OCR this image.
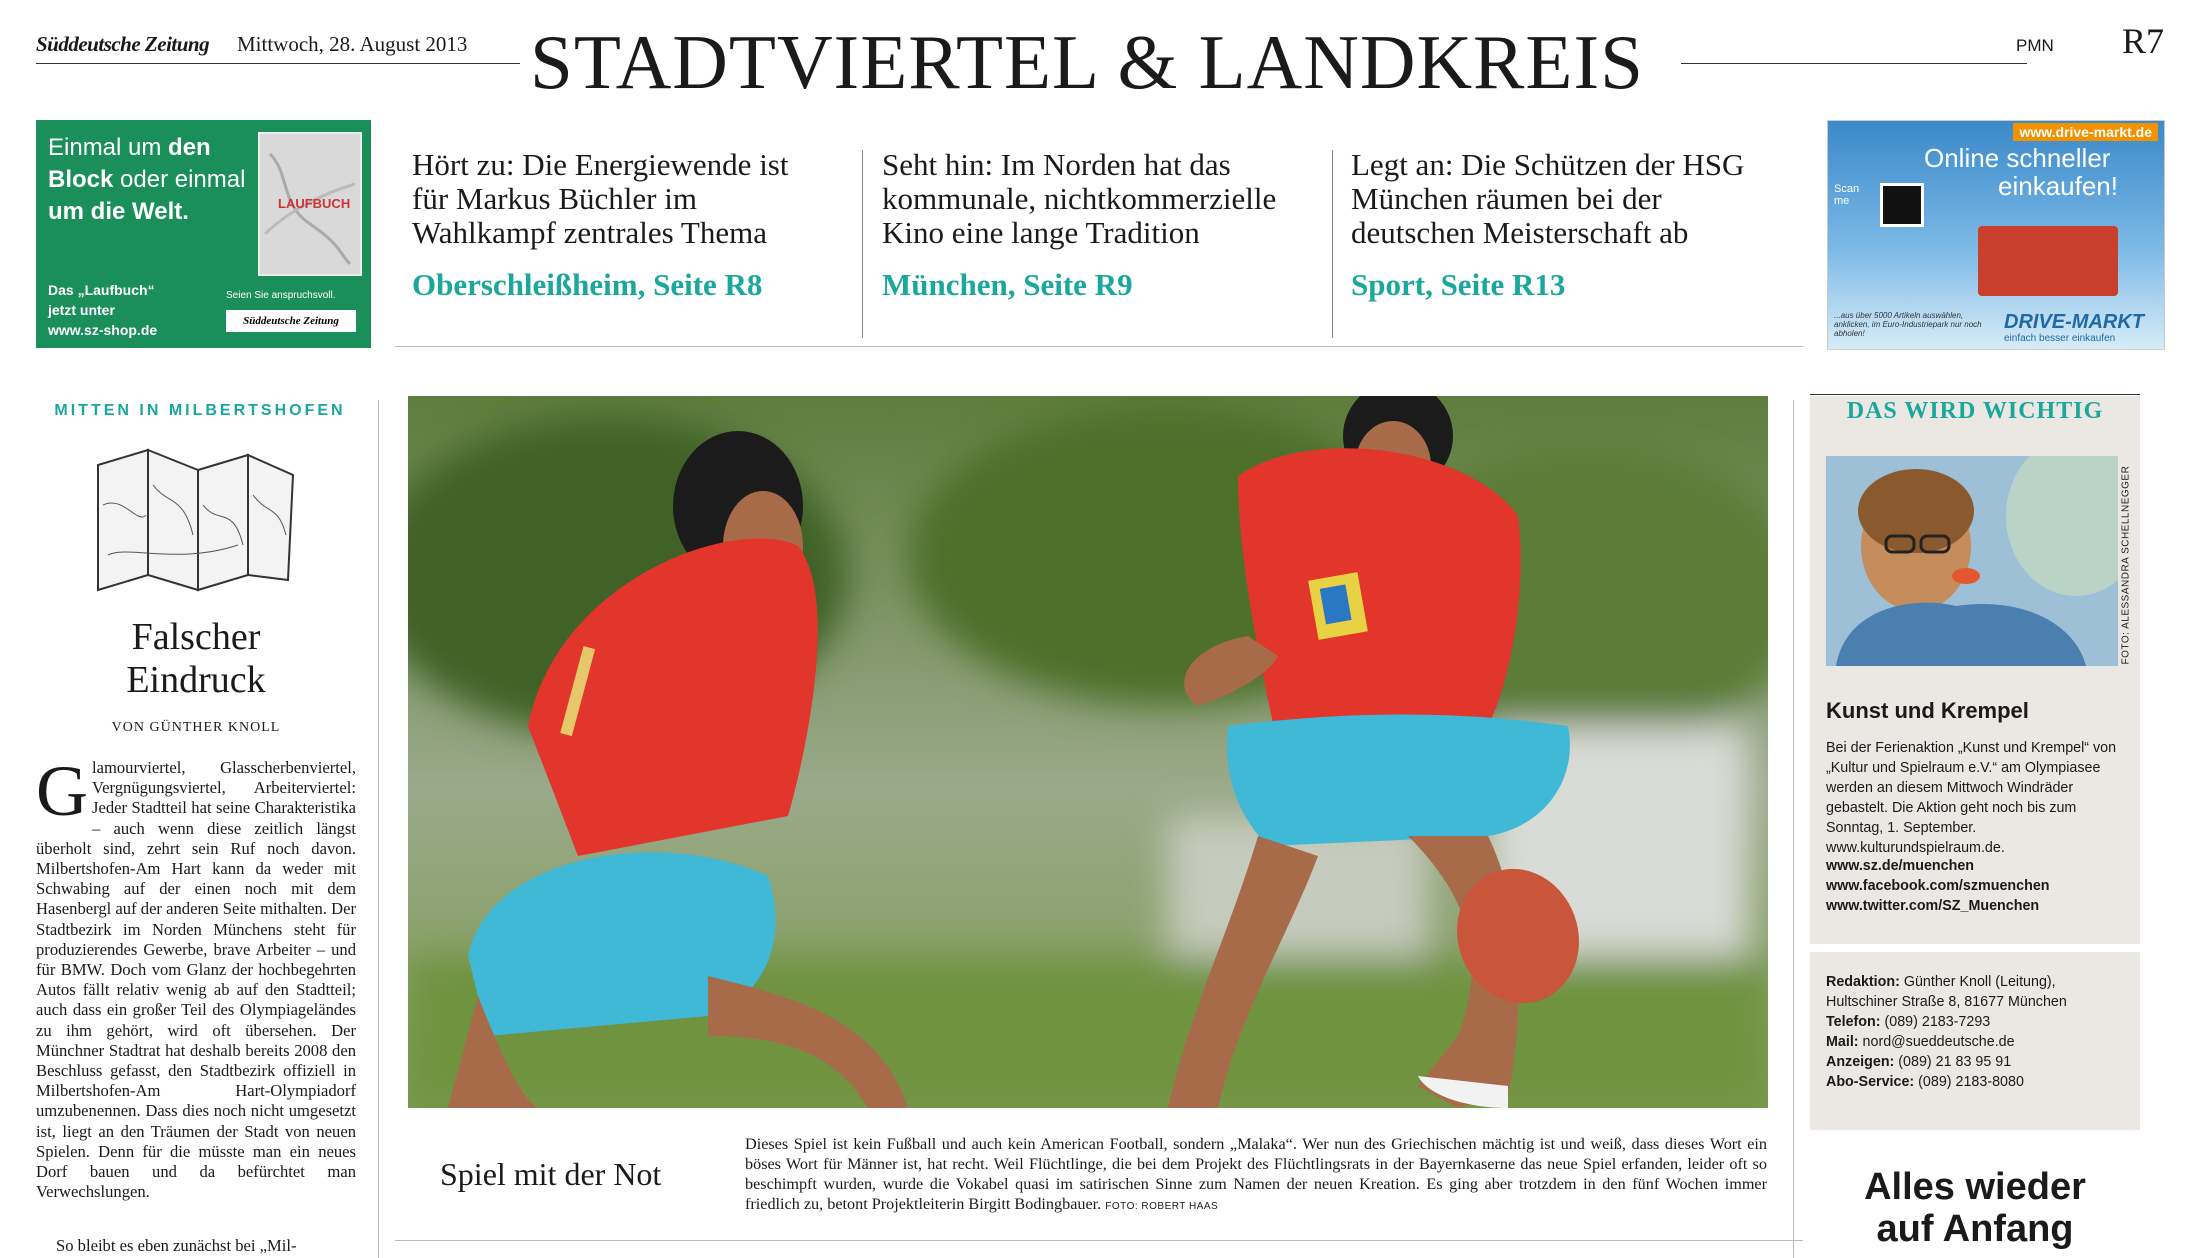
Süddeutsche Zeitung Mittwoch, 28. August 2013 STADTVIERTEL & LANDKREIS	PMN R7
Einmal um den Block oder einmal um die Welt.	LAUFBUCH
Das „Laufbuch“
jetzt unter
www.sz-shop.de
Seien Sie anspruchsvoll.
Süddeutsche Zeitung
Hört zu: Die Energiewende ist für Markus Büchler im Wahlkampf zentrales Thema
Oberschleißheim, Seite R8
Seht hin: Im Norden hat das kommunale, nichtkommerzielle Kino eine lange Tradition
München, Seite R9
Legt an: Die Schützen der HSG München räumen bei der deutschen Meisterschaft ab
Sport, Seite R13
www.drive-markt.de
Online schneller
einkaufen!
Scan me
...aus über 5000 Artikeln auswählen, anklicken, im Euro-Industriepark nur noch abholen!
DRIVE-MARKT
einfach besser einkaufen
MITTEN IN MILBERTSHOFEN
Falscher
Eindruck
VON GÜNTHER KNOLL
Glamourviertel, Glasscherbenviertel, Vergnügungsviertel, Arbeiterviertel: Jeder Stadtteil hat seine Charakteristika – auch wenn diese zeitlich längst überholt sind, zehrt sein Ruf noch davon. Milbertshofen-Am Hart kann da weder mit Schwabing auf der einen noch mit dem Hasenbergl auf der anderen Seite mithalten. Der Stadtbezirk im Norden Münchens steht für produzierendes Gewerbe, brave Arbeiter – und für BMW. Doch vom Glanz der hochbegehrten Autos fällt relativ wenig ab auf den Stadtteil; auch dass ein großer Teil des Olympiageländes zu ihm gehört, wird oft übersehen. Der Münchner Stadtrat hat deshalb bereits 2008 den Beschluss gefasst, den Stadtbezirk offiziell in Milbertshofen-Am Hart-Olympiadorf umzubenennen. Dass dies noch nicht umgesetzt ist, liegt an den Träumen der Stadt von neuen Spielen. Denn für die müsste man ein neues Dorf bauen und da befürchtet man Verwechslungen.
So bleibt es eben zunächst bei „Mil-
Spiel mit der Not
Dieses Spiel ist kein Fußball und auch kein American Football, sondern „Malaka“. Wer nun des Griechischen mächtig ist und weiß, dass dieses Wort ein böses Wort für Männer ist, hat recht. Weil Flüchtlinge, die bei dem Projekt des Flüchtlingsrats in der Bayernkaserne das neue Spiel erfanden, leider oft so beschimpft wurden, wurde die Vokabel quasi im satirischen Sinne zum Namen der neuen Kreation. Es ging aber trotzdem in den fünf Wochen immer friedlich zu, betont Projektleiterin Birgitt Bodingbauer. FOTO: ROBERT HAAS
DAS WIRD WICHTIG
FOTO: ALESSANDRA SCHELLNEGGER
Kunst und Krempel
Bei der Ferienaktion „Kunst und Krempel“ von „Kultur und Spielraum e.V.“ am Olympiasee werden an diesem Mittwoch Windräder gebastelt. Die Aktion geht noch bis zum Sonntag, 1. September. www.kulturundspielraum.de.
www.sz.de/muenchen
www.facebook.com/szmuenchen
www.twitter.com/SZ_Muenchen
Redaktion: Günther Knoll (Leitung),
Hultschiner Straße 8, 81677 München
Telefon: (089) 2183-7293
Mail: nord@sueddeutsche.de
Anzeigen: (089) 21 83 95 91
Abo-Service: (089) 2183-8080
Alles wieder
auf Anfang
